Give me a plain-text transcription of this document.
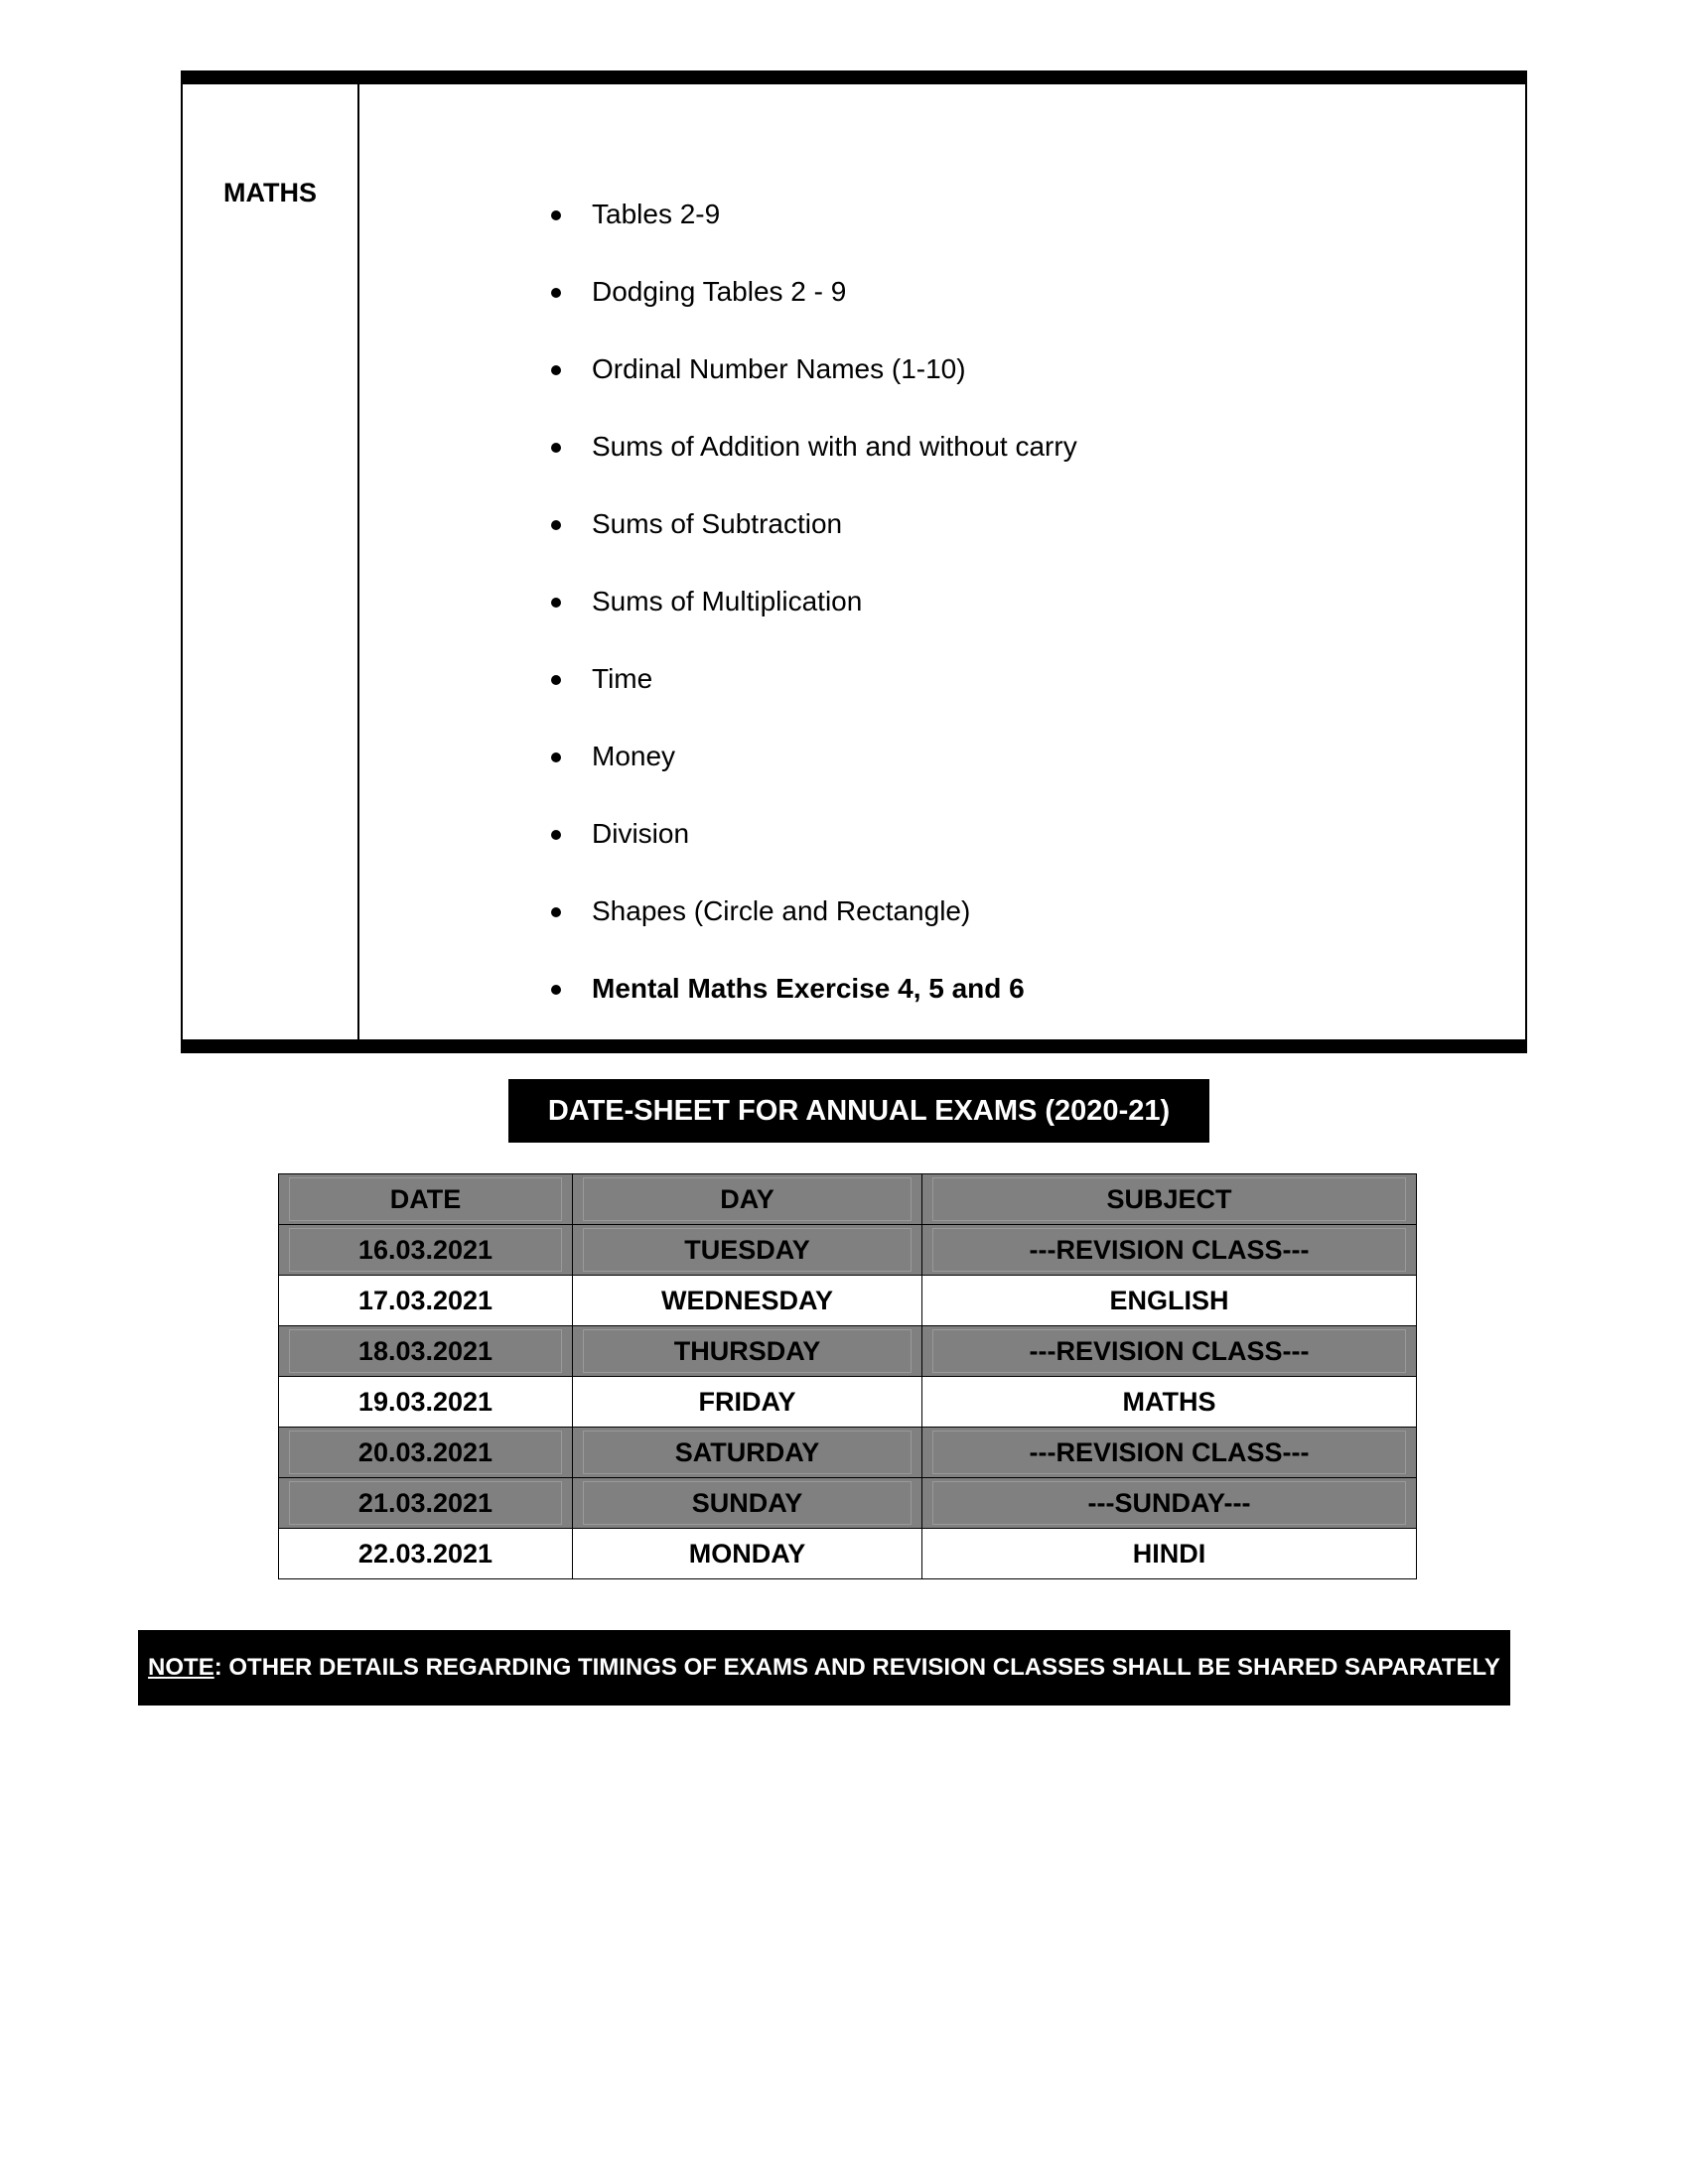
MATHS
Tables 2-9
Dodging Tables 2 - 9
Ordinal Number Names (1-10)
Sums of Addition with and without carry
Sums of Subtraction
Sums of Multiplication
Time
Money
Division
Shapes (Circle and Rectangle)
Mental Maths Exercise 4, 5 and 6
DATE-SHEET FOR ANNUAL EXAMS (2020-21)
DATE	DAY	SUBJECT

16.03.2021	TUESDAY	---REVISION CLASS---

17.03.2021	WEDNESDAY	ENGLISH

18.03.2021	THURSDAY	---REVISION CLASS---

19.03.2021	FRIDAY	MATHS

20.03.2021	SATURDAY	---REVISION CLASS---

21.03.2021	SUNDAY	---SUNDAY---

22.03.2021	MONDAY	HINDI
NOTE: OTHER DETAILS REGARDING TIMINGS OF EXAMS AND REVISION CLASSES SHALL BE SHARED SAPARATELY
